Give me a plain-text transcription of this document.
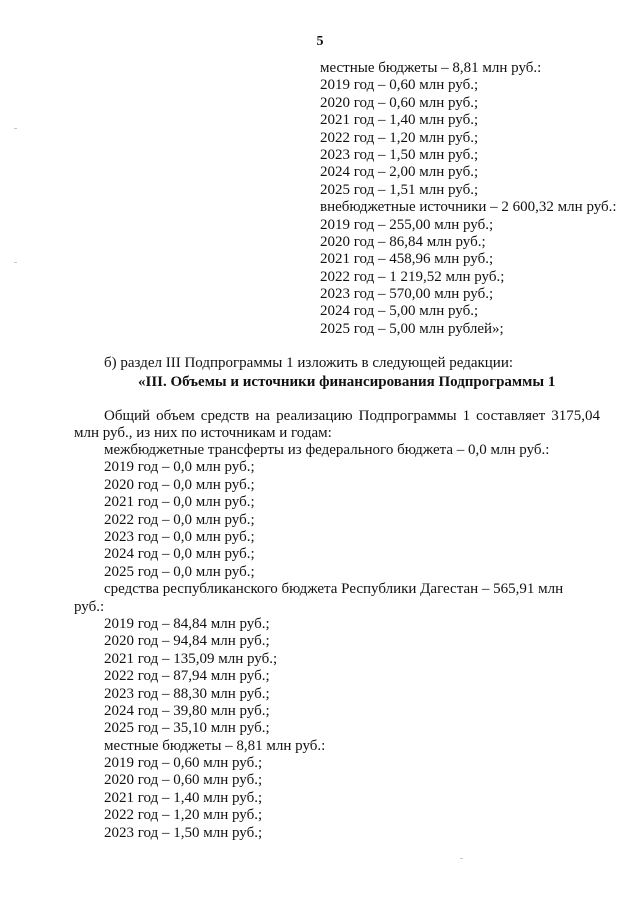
5
местные бюджеты – 8,81 млн руб.:
2019 год – 0,60 млн руб.;
2020 год – 0,60 млн руб.;
2021 год – 1,40 млн руб.;
2022 год – 1,20 млн руб.;
2023 год – 1,50 млн руб.;
2024 год – 2,00 млн руб.;
2025 год – 1,51 млн руб.;
внебюджетные источники – 2 600,32 млн руб.:
2019 год – 255,00 млн руб.;
2020 год – 86,84 млн руб.;
2021 год – 458,96 млн руб.;
2022 год – 1 219,52 млн руб.;
2023 год – 570,00 млн руб.;
2024 год – 5,00 млн руб.;
2025 год – 5,00 млн рублей»;
б) раздел III Подпрограммы 1 изложить в следующей редакции:
«III. Объемы и источники финансирования Подпрограммы 1
Общий объем средств на реализацию Подпрограммы 1 составляет 3175,04 млн руб., из них по источникам и годам:
межбюджетные трансферты из федерального бюджета – 0,0 млн руб.:
2019 год – 0,0 млн руб.;
2020 год – 0,0 млн руб.;
2021 год – 0,0 млн руб.;
2022 год – 0,0 млн руб.;
2023 год – 0,0 млн руб.;
2024 год – 0,0 млн руб.;
2025 год – 0,0 млн руб.;
средства республиканского бюджета Республики Дагестан – 565,91 млн
руб.:
2019 год – 84,84 млн руб.;
2020 год – 94,84 млн руб.;
2021 год – 135,09 млн руб.;
2022 год – 87,94 млн руб.;
2023 год – 88,30 млн руб.;
2024 год – 39,80 млн руб.;
2025 год – 35,10 млн руб.;
местные бюджеты – 8,81 млн руб.:
2019 год – 0,60 млн руб.;
2020 год – 0,60 млн руб.;
2021 год – 1,40 млн руб.;
2022 год – 1,20 млн руб.;
2023 год – 1,50 млн руб.;
